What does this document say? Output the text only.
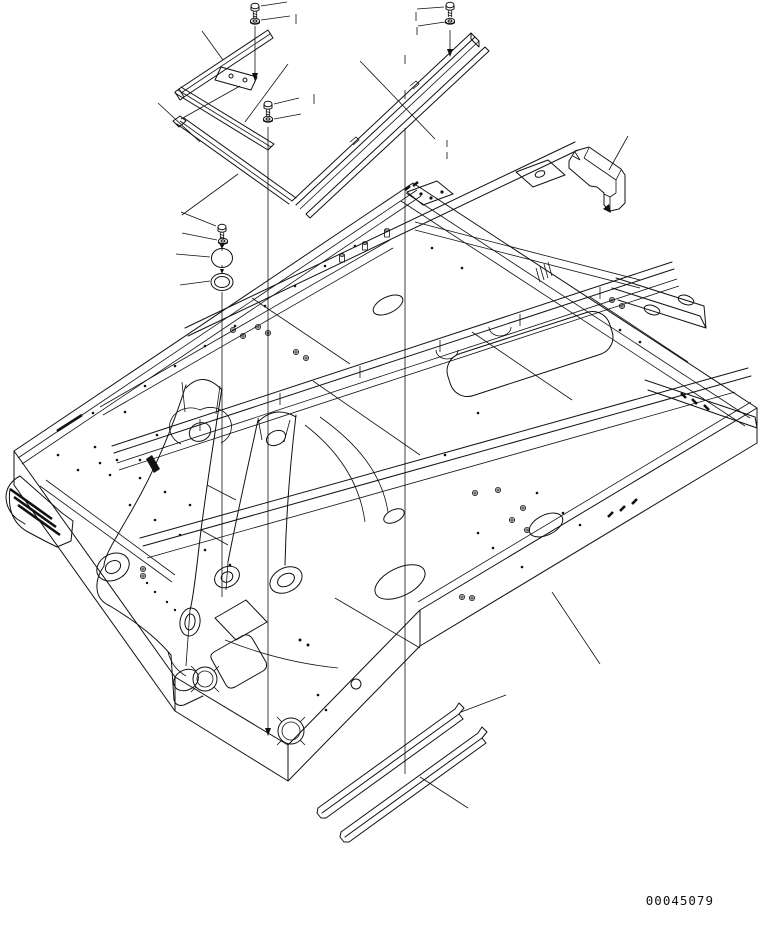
00045079
